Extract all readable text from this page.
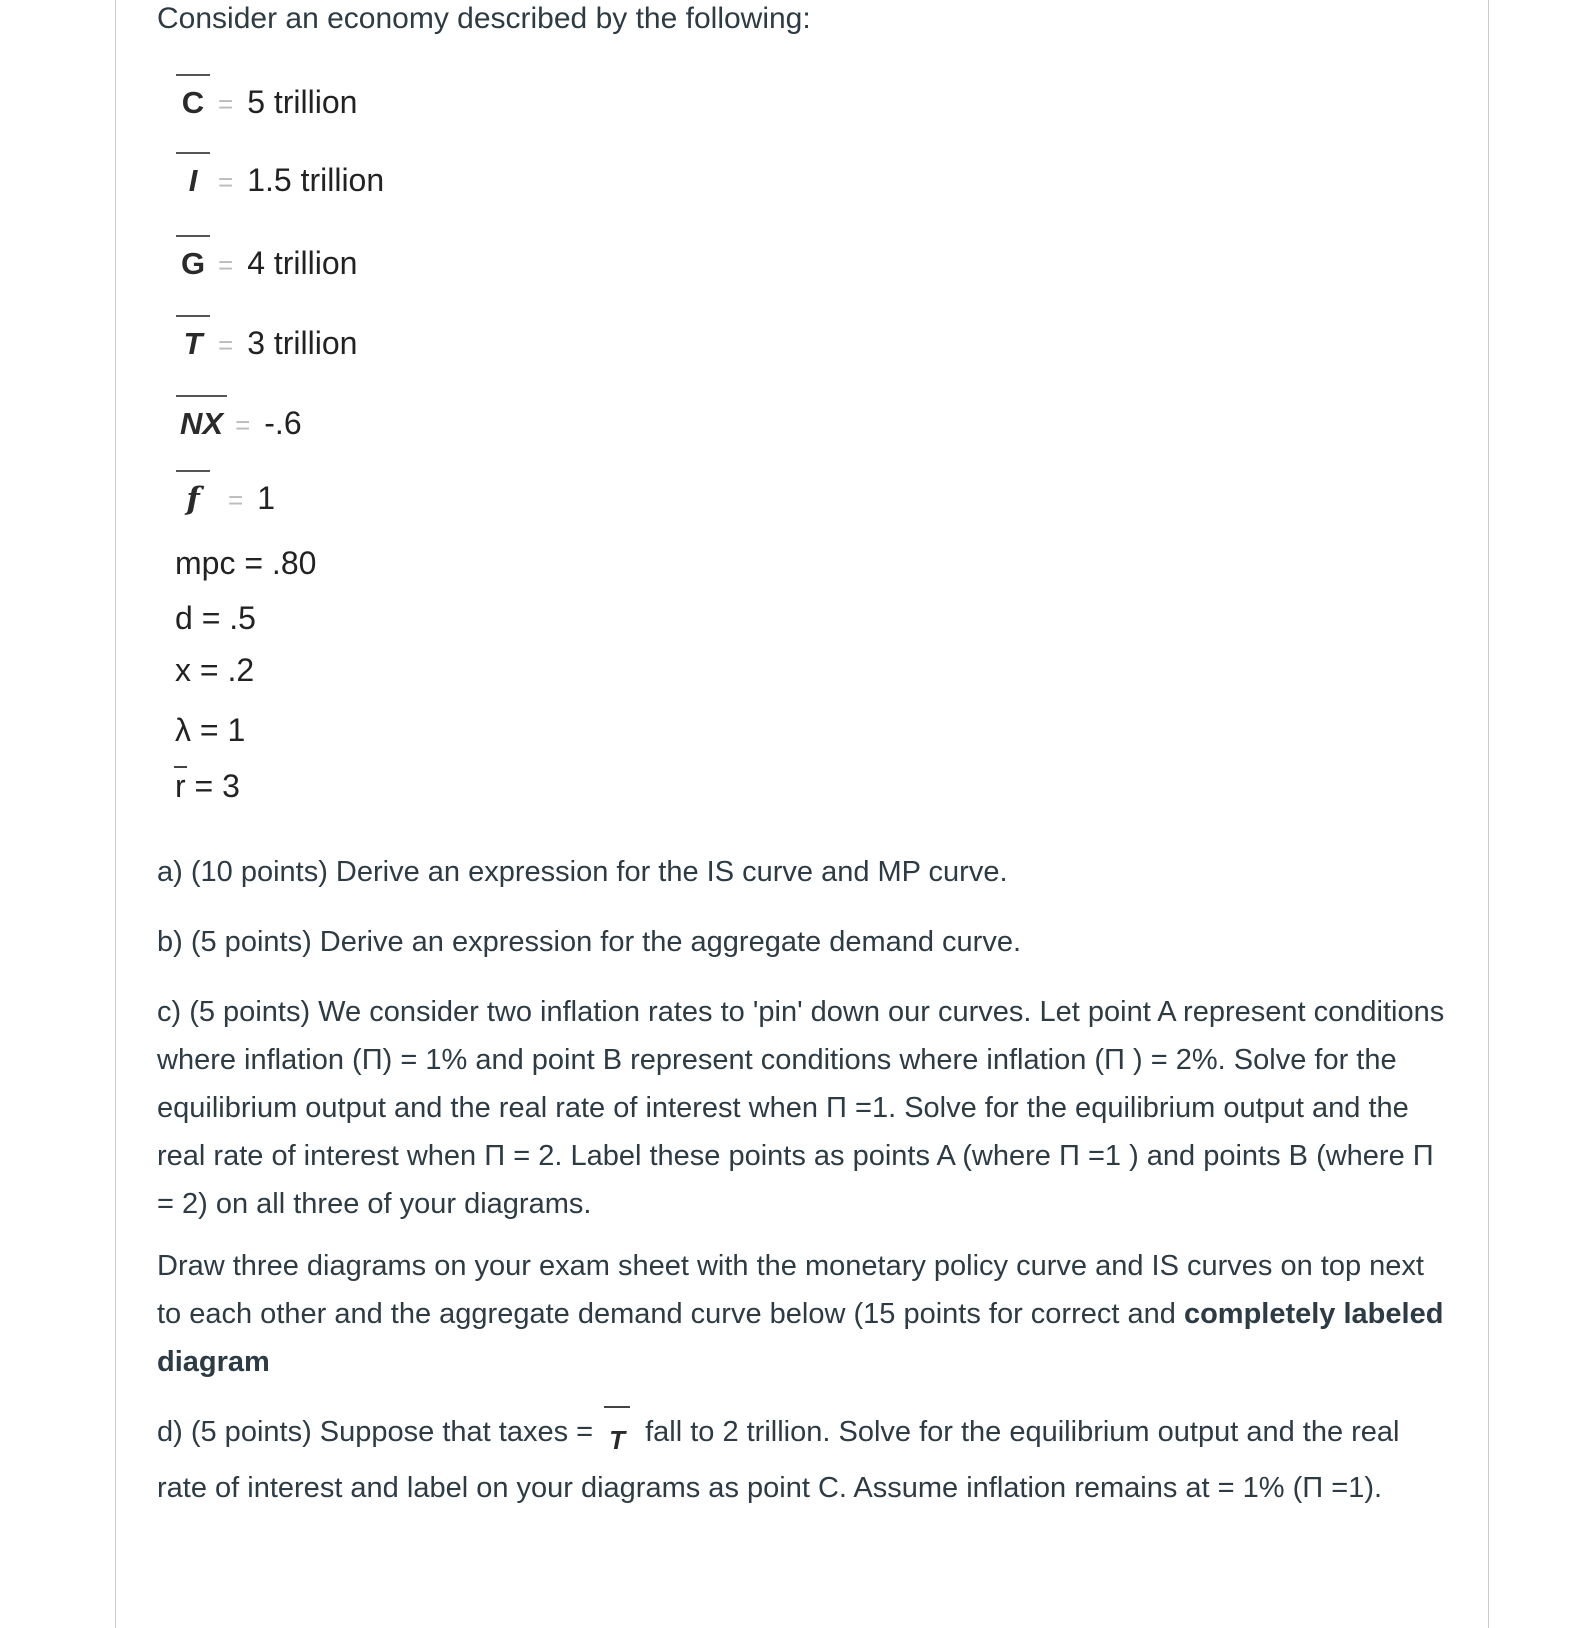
Consider an economy described by the following:

C = 5 trillion
I = 1.5 trillion
G = 4 trillion
T = 3 trillion
NX = -.6
f = 1
mpc = .80
d = .5
x = .2
λ = 1
r = 3

a) (10 points) Derive an expression for the IS curve and MP curve.

b) (5 points) Derive an expression for the aggregate demand curve.

c) (5 points) We consider two inflation rates to 'pin' down our curves. Let point A represent conditions where inflation (Π) = 1% and point B represent conditions where inflation (Π ) = 2%. Solve for the equilibrium output and the real rate of interest when Π =1. Solve for the equilibrium output and the real rate of interest when Π = 2. Label these points as points A (where Π =1 ) and points B (where Π = 2) on all three of your diagrams.

Draw three diagrams on your exam sheet with the monetary policy curve and IS curves on top next to each other and the aggregate demand curve below (15 points for correct and completely labeled diagram

d) (5 points) Suppose that taxes = T fall to 2 trillion. Solve for the equilibrium output and the real rate of interest and label on your diagrams as point C. Assume inflation remains at = 1% (Π =1).
